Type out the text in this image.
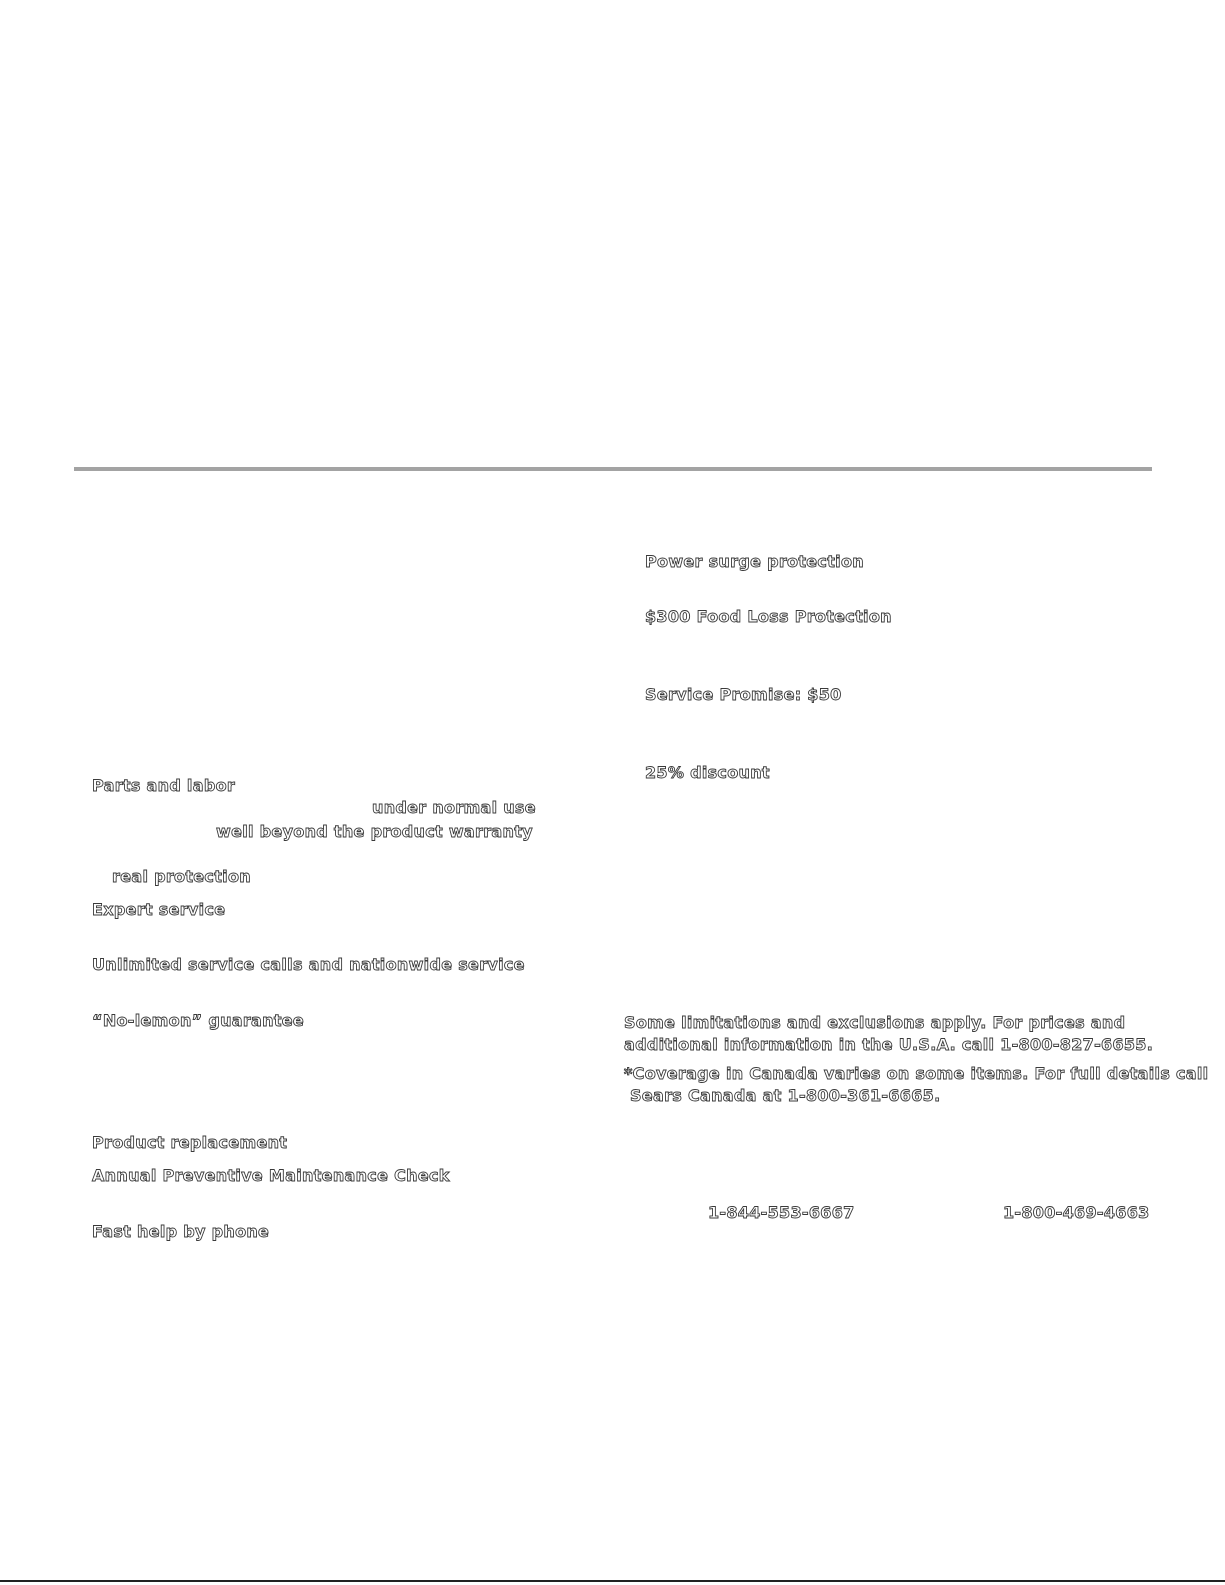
Parts and labor
under normal use
well beyond the product warranty
real protection
Expert service
Unlimited service calls and nationwide service
“No-lemon” guarantee
Product replacement
Annual Preventive Maintenance Check
Fast help by phone
Power surge protection
$300 Food Loss Protection
Service Promise: $50
25% discount
Some limitations and exclusions apply. For prices and
additional information in the U.S.A. call 1-800-827-6655.
*Coverage in Canada varies on some items. For full details call
Sears Canada at 1-800-361-6665.
1-844-553-6667	1-800-469-4663
